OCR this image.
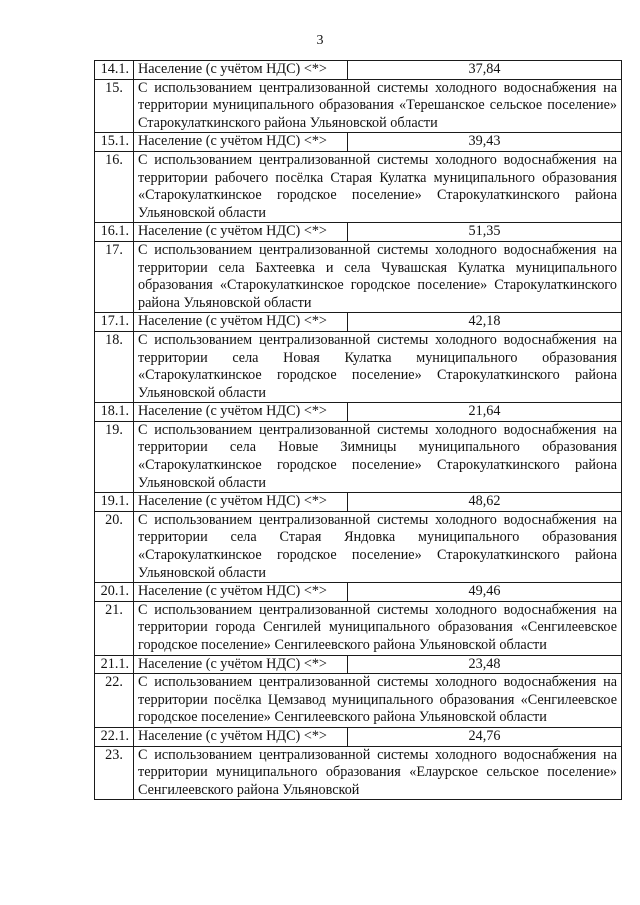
3
14.1.	Население (с учётом НДС) <*>	37,84
15.	С использованием централизованной системы холодного водоснабжения на территории муниципального образования «Терешанское сельское поселение» Старокулаткинского района Ульяновской области	
15.1.	Население (с учётом НДС) <*>	39,43
16.	С использованием централизованной системы холодного водоснабжения на территории рабочего посёлка Старая Кулатка муниципального образования «Старокулаткинское городское поселение» Старокулаткинского района Ульяновской области	
16.1.	Население (с учётом НДС) <*>	51,35
17.	С использованием централизованной системы холодного водоснабжения на территории села Бахтеевка и села Чувашская Кулатка муниципального образования «Старокулаткинское городское поселение» Старокулаткинского района Ульяновской области	
17.1.	Население (с учётом НДС) <*>	42,18
18.	С использованием централизованной системы холодного водоснабжения на территории села Новая Кулатка муниципального образования «Старокулаткинское городское поселение» Старокулаткинского района Ульяновской области	
18.1.	Население (с учётом НДС) <*>	21,64
19.	С использованием централизованной системы холодного водоснабжения на территории села Новые Зимницы муниципального образования «Старокулаткинское городское поселение» Старокулаткинского района Ульяновской области	
19.1.	Население (с учётом НДС) <*>	48,62
20.	С использованием централизованной системы холодного водоснабжения на территории села Старая Яндовка муниципального образования «Старокулаткинское городское поселение» Старокулаткинского района Ульяновской области	
20.1.	Население (с учётом НДС) <*>	49,46
21.	С использованием централизованной системы холодного водоснабжения на территории города Сенгилей муниципального образования «Сенгилеевское городское поселение» Сенгилеевского района Ульяновской области	
21.1.	Население (с учётом НДС) <*>	23,48
22.	С использованием централизованной системы холодного водоснабжения на территории посёлка Цемзавод муниципального образования «Сенгилеевское городское поселение» Сенгилеевского района Ульяновской области	
22.1.	Население (с учётом НДС) <*>	24,76
23.	С использованием централизованной системы холодного водоснабжения на территории муниципального образования «Елаурское сельское поселение» Сенгилеевского района Ульяновской	
